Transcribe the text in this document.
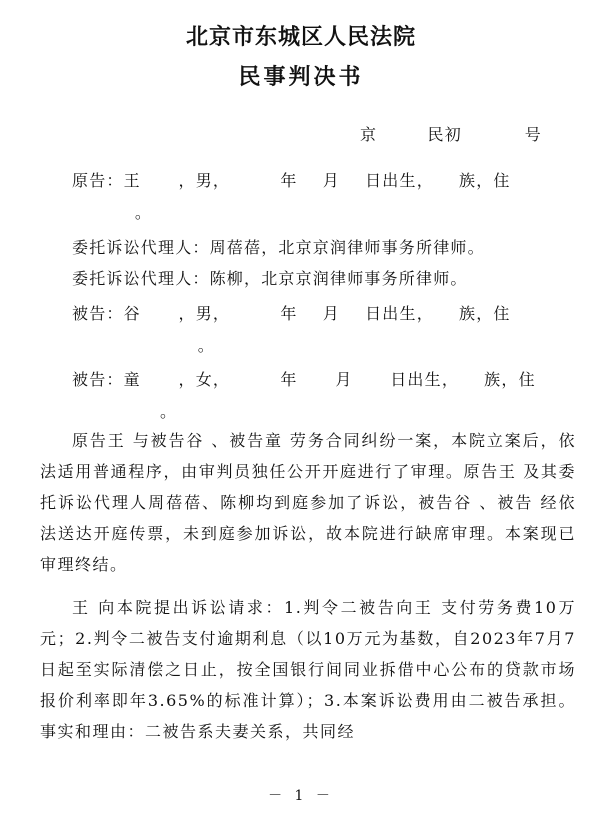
北京市东城区人民法院
民事判决书
京        民初          号
原告：王      ，男，        年    月    日出生，    族，住
。
委托诉讼代理人：周蓓蓓，北京京润律师事务所律师。
委托诉讼代理人：陈柳，北京京润律师事务所律师。
被告：谷      ，男，        年    月    日出生，    族，住
。
被告：童      ，女，        年      月      日出生，    族，住
。

原告王 与被告谷 、被告童 劳务合同纠纷一案，本院立案后，依法适用普通程序，由审判员独任公开开庭进行了审理。原告王 及其委托诉讼代理人周蓓蓓、陈柳均到庭参加了诉讼，被告谷 、被告 经依法送达开庭传票，未到庭参加诉讼，故本院进行缺席审理。本案现已审理终结。

王 向本院提出诉讼请求：1.判令二被告向王 支付劳务费10万元；2.判令二被告支付逾期利息（以10万元为基数，自2023年7月7日起至实际清偿之日止，按全国银行间同业拆借中心公布的贷款市场报价利率即年3.65%的标准计算）；3.本案诉讼费用由二被告承担。事实和理由：二被告系夫妻关系，共同经

－ 1 －
